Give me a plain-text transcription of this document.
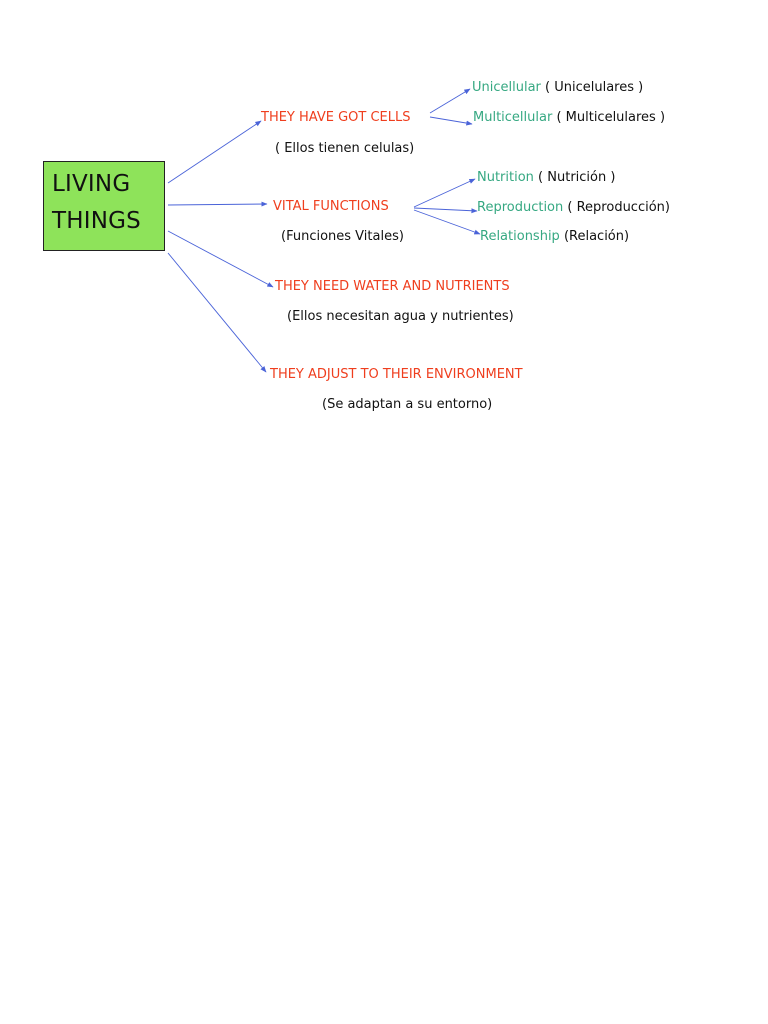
LIVING
THINGS
THEY HAVE GOT CELLS
( Ellos tienen celulas)
Unicellular ( Unicelulares )
Multicellular ( Multicelulares )
VITAL FUNCTIONS
(Funciones Vitales)
Nutrition ( Nutrición )
Reproduction ( Reproducción)
Relationship (Relación)
THEY NEED WATER AND NUTRIENTS
(Ellos necesitan agua y nutrientes)
THEY ADJUST TO THEIR ENVIRONMENT
(Se adaptan a su entorno)
